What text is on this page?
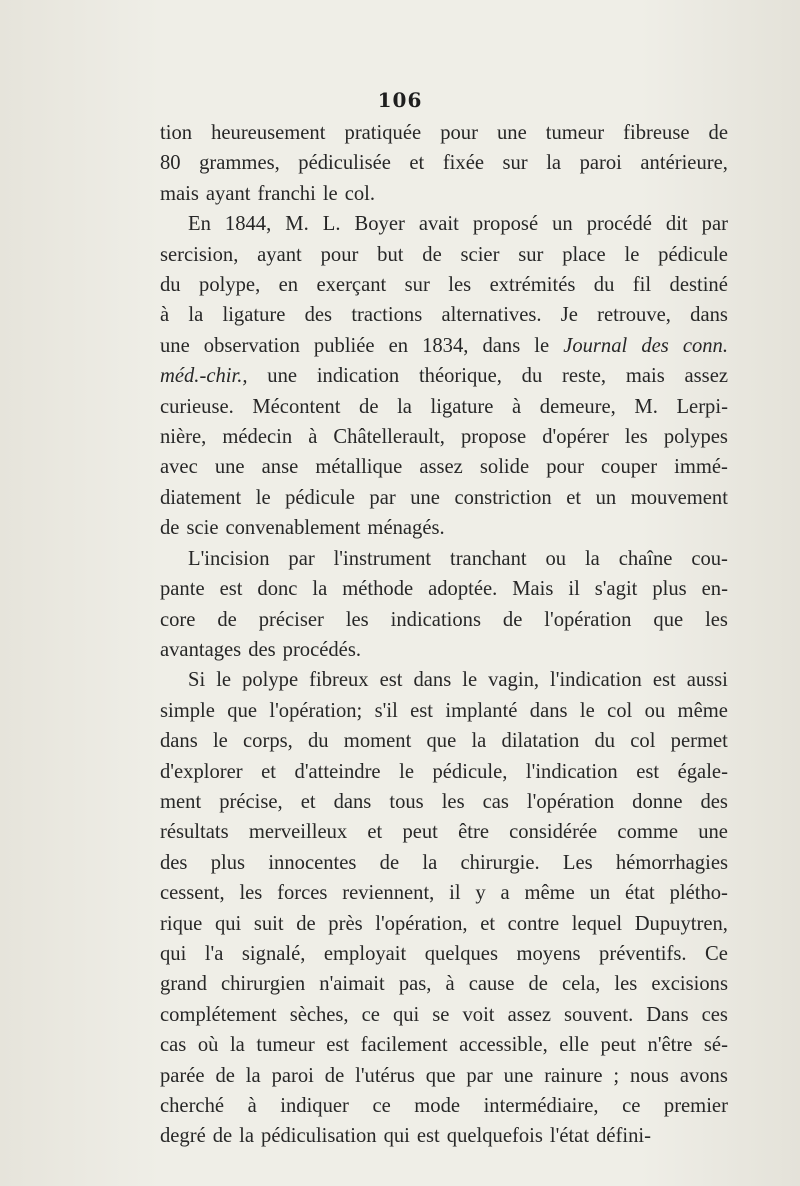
106
tion heureusement pratiquée pour une tumeur fibreuse de
80 grammes, pédiculisée et fixée sur la paroi antérieure,
mais ayant franchi le col.
En 1844, M. L. Boyer avait proposé un procédé dit par
sercision, ayant pour but de scier sur place le pédicule
du polype, en exerçant sur les extrémités du fil destiné
à la ligature des tractions alternatives. Je retrouve, dans
une observation publiée en 1834, dans le Journal des conn.
méd.-chir., une indication théorique, du reste, mais assez
curieuse. Mécontent de la ligature à demeure, M. Lerpi-
nière, médecin à Châtellerault, propose d'opérer les polypes
avec une anse métallique assez solide pour couper immé-
diatement le pédicule par une constriction et un mouvement
de scie convenablement ménagés.
L'incision par l'instrument tranchant ou la chaîne cou-
pante est donc la méthode adoptée. Mais il s'agit plus en-
core de préciser les indications de l'opération que les
avantages des procédés.
Si le polype fibreux est dans le vagin, l'indication est aussi
simple que l'opération; s'il est implanté dans le col ou même
dans le corps, du moment que la dilatation du col permet
d'explorer et d'atteindre le pédicule, l'indication est égale-
ment précise, et dans tous les cas l'opération donne des
résultats merveilleux et peut être considérée comme une
des plus innocentes de la chirurgie. Les hémorrhagies
cessent, les forces reviennent, il y a même un état plétho-
rique qui suit de près l'opération, et contre lequel Dupuytren,
qui l'a signalé, employait quelques moyens préventifs. Ce
grand chirurgien n'aimait pas, à cause de cela, les excisions
complétement sèches, ce qui se voit assez souvent. Dans ces
cas où la tumeur est facilement accessible, elle peut n'être sé-
parée de la paroi de l'utérus que par une rainure ; nous avons
cherché à indiquer ce mode intermédiaire, ce premier
degré de la pédiculisation qui est quelquefois l'état défini-
